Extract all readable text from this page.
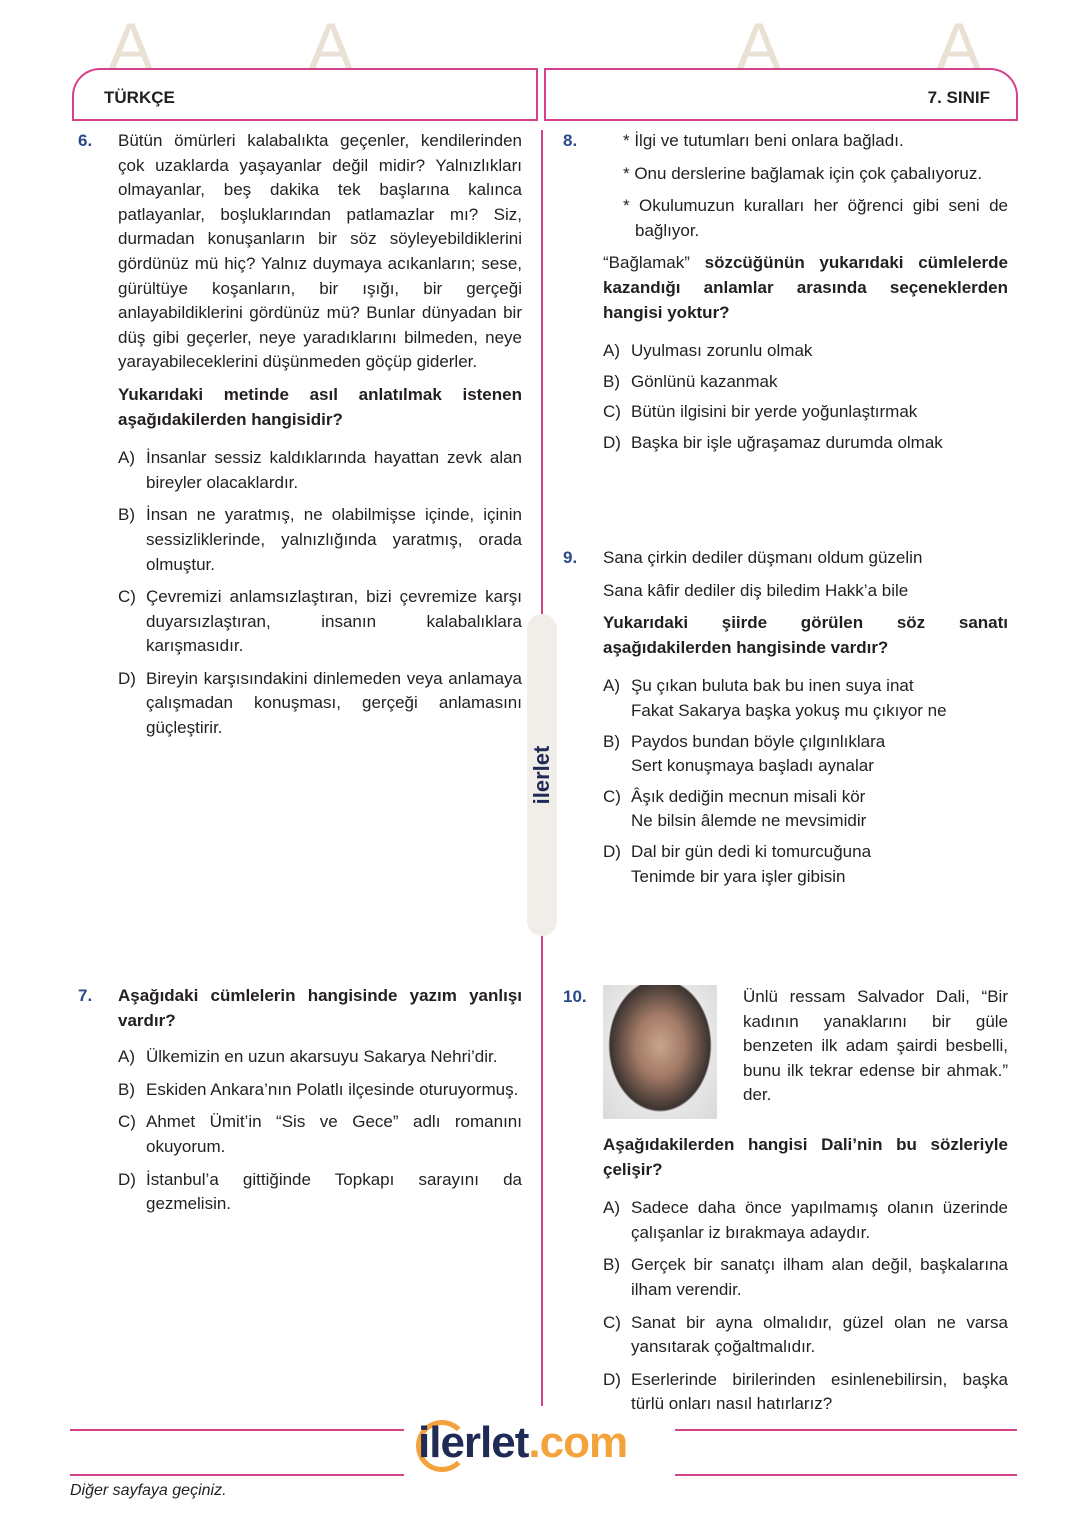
A A	A A
TÜRKÇE	7. SINIF
ilerlet
6. Bütün ömürleri kalabalıkta geçenler, kendilerinden çok uzaklarda yaşayanlar değil midir? Yalnızlıkları olmayanlar, beş dakika tek başlarına kalınca patlayanlar, boşluklarından patlamazlar mı? Siz, durmadan konuşanların bir söz söyleyebildiklerini gördünüz mü hiç? Yalnız duymaya acıkanların; sese, gürültüye koşanların, bir ışığı, bir gerçeği anlayabildiklerini gördünüz mü? Bunlar dünyadan bir düş gibi geçerler, neye yaradıklarını bilmeden, neye yarayabileceklerini düşünmeden göçüp giderler.

Yukarıdaki metinde asıl anlatılmak istenen aşağıdakilerden hangisidir?

A) İnsanlar sessiz kaldıklarında hayattan zevk alan bireyler olacaklardır.
B) İnsan ne yaratmış, ne olabilmişse içinde, içinin sessizliklerinde, yalnızlığında yaratmış, orada olmuştur.
C) Çevremizi anlamsızlaştıran, bizi çevremize karşı duyarsızlaştıran, insanın kalabalıklara karışmasıdır.
D) Bireyin karşısındakini dinlemeden veya anlamaya çalışmadan konuşması, gerçeği anlamasını güçleştirir.
7. Aşağıdaki cümlelerin hangisinde yazım yanlışı vardır?

A) Ülkemizin en uzun akarsuyu Sakarya Nehri’dir.
B) Eskiden Ankara’nın Polatlı ilçesinde oturuyormuş.
C) Ahmet Ümit’in “Sis ve Gece” adlı romanını okuyorum.
D) İstanbul’a gittiğinde Topkapı sarayını da gezmelisin.
8.	* İlgi ve tutumları beni onlara bağladı.

* Onu derslerine bağlamak için çok çabalıyoruz.

* Okulumuzun kuralları her öğrenci gibi seni de bağlıyor.

“Bağlamak” sözcüğünün yukarıdaki cümlelerde kazandığı anlamlar arasında seçeneklerden hangisi yoktur?

A) Uyulması zorunlu olmak
B) Gönlünü kazanmak
C) Bütün ilgisini bir yerde yoğunlaştırmak
D) Başka bir işle uğraşamaz durumda olmak
9. Sana çirkin dediler düşmanı oldum güzelin

Sana kâfir dediler diş biledim Hakk’a bile

Yukarıdaki şiirde görülen söz sanatı aşağıdakilerden hangisinde vardır?

A) Şu çıkan buluta bak bu inen suya inat
Fakat Sakarya başka yokuş mu çıkıyor ne
B) Paydos bundan böyle çılgınlıklara
Sert konuşmaya başladı aynalar
C) Âşık dediğin mecnun misali kör
Ne bilsin âlemde ne mevsimidir
D) Dal bir gün dedi ki tomurcuğuna
Tenimde bir yara işler gibisin
10.	Ünlü ressam Salvador Dali, “Bir kadının yanaklarını bir güle benzeten ilk adam şairdi besbelli, bunu ilk tekrar edense bir ahmak.” der.

Aşağıdakilerden hangisi Dali’nin bu sözleriyle çelişir?

A) Sadece daha önce yapılmamış olanın üzerinde çalışanlar iz bırakmaya adaydır.
B) Gerçek bir sanatçı ilham alan değil, başkalarına ilham verendir.
C) Sanat bir ayna olmalıdır, güzel olan ne varsa yansıtarak çoğaltmalıdır.
D) Eserlerinde birilerinden esinlenebilirsin, başka türlü onları nasıl hatırlarız?
ilerlet.com
Diğer sayfaya geçiniz.
